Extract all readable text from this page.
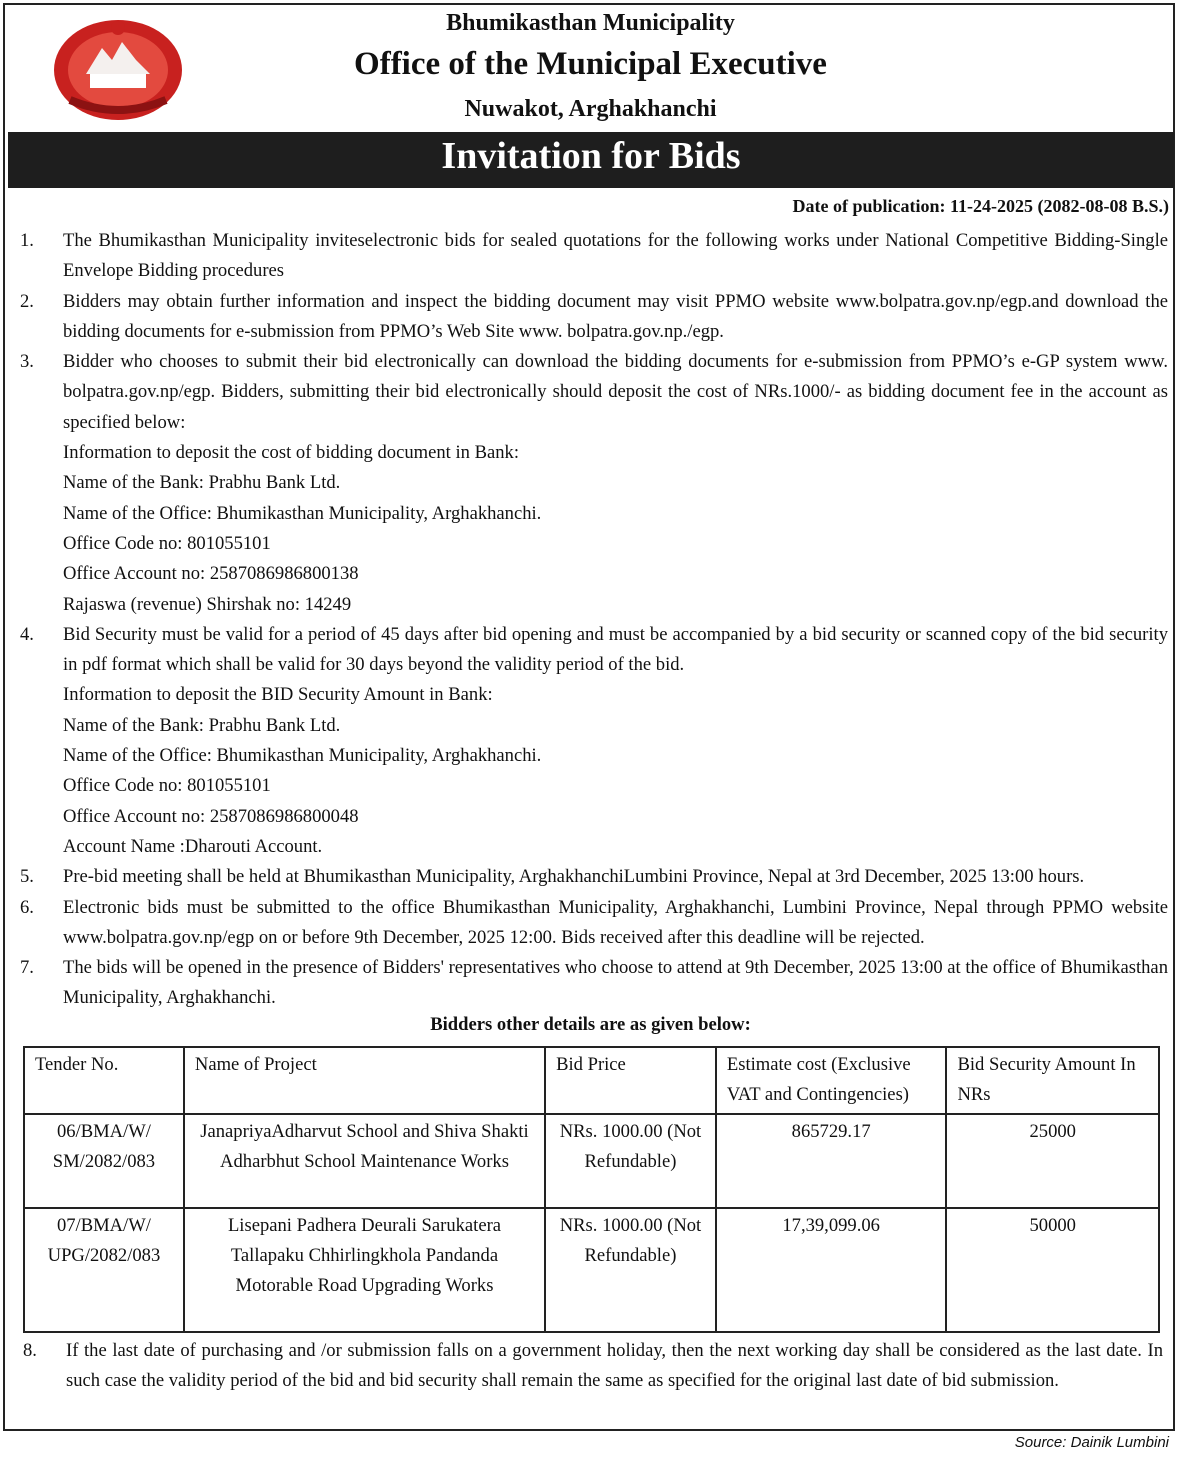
Bhumikasthan Municipality
Office of the Municipal Executive
Nuwakot, Arghakhanchi
Invitation for Bids
Date of publication: 11-24-2025 (2082-08-08 B.S.)
1.	The Bhumikasthan Municipality inviteselectronic bids for sealed quotations for the following works under National Competitive Bidding-Single Envelope Bidding procedures
2.	Bidders may obtain further information and inspect the bidding document may visit PPMO website www.bolpatra.gov.np/egp.and download the bidding documents for e-submission from PPMO’s Web Site www. bolpatra.gov.np./egp.
3.	Bidder who chooses to submit their bid electronically can download the bidding documents for e-submission from PPMO’s e-GP system www. bolpatra.gov.np/egp. Bidders, submitting their bid electronically should deposit the cost of NRs.1000/- as bidding document fee in the account as specified below:
Information to deposit the cost of bidding document in Bank:
Name of the Bank: Prabhu Bank Ltd.
Name of the Office: Bhumikasthan Municipality, Arghakhanchi.
Office Code no: 801055101
Office Account no: 2587086986800138
Rajaswa (revenue) Shirshak no: 14249
4.	Bid Security must be valid for a period of 45 days after bid opening and must be accompanied by a bid security or scanned copy of the bid security in pdf format which shall be valid for 30 days beyond the validity period of the bid.
Information to deposit the BID Security Amount in Bank:
Name of the Bank: Prabhu Bank Ltd.
Name of the Office: Bhumikasthan Municipality, Arghakhanchi.
Office Code no: 801055101
Office Account no: 2587086986800048
Account Name :Dharouti Account.
5.	Pre-bid meeting shall be held at Bhumikasthan Municipality, ArghakhanchiLumbini Province, Nepal at 3rd December, 2025 13:00 hours.
6.	Electronic bids must be submitted to the office Bhumikasthan Municipality, Arghakhanchi, Lumbini Province, Nepal through PPMO website www.bolpatra.gov.np/egp on or before 9th December, 2025 12:00. Bids received after this deadline will be rejected.
7.	The bids will be opened in the presence of Bidders' representatives who choose to attend at 9th December, 2025 13:00 at the office of Bhumikasthan Municipality, Arghakhanchi.
Bidders other details are as given below:
Tender No.	Name of Project	Bid Price	Estimate cost (Exclusive VAT and Contingencies)	Bid Security Amount In NRs
06/BMA/W/ SM/2082/083	JanapriyaAdharvut School and Shiva Shakti Adharbhut School Maintenance Works	NRs. 1000.00 (Not Refundable)	865729.17	25000
07/BMA/W/ UPG/2082/083	Lisepani Padhera Deurali Sarukatera Tallapaku Chhirlingkhola Pandanda Motorable Road Upgrading Works	NRs. 1000.00 (Not Refundable)	17,39,099.06	50000
8.	If the last date of purchasing and /or submission falls on a government holiday, then the next working day shall be considered as the last date. In such case the validity period of the bid and bid security shall remain the same as specified for the original last date of bid submission.
Source: Dainik Lumbini
